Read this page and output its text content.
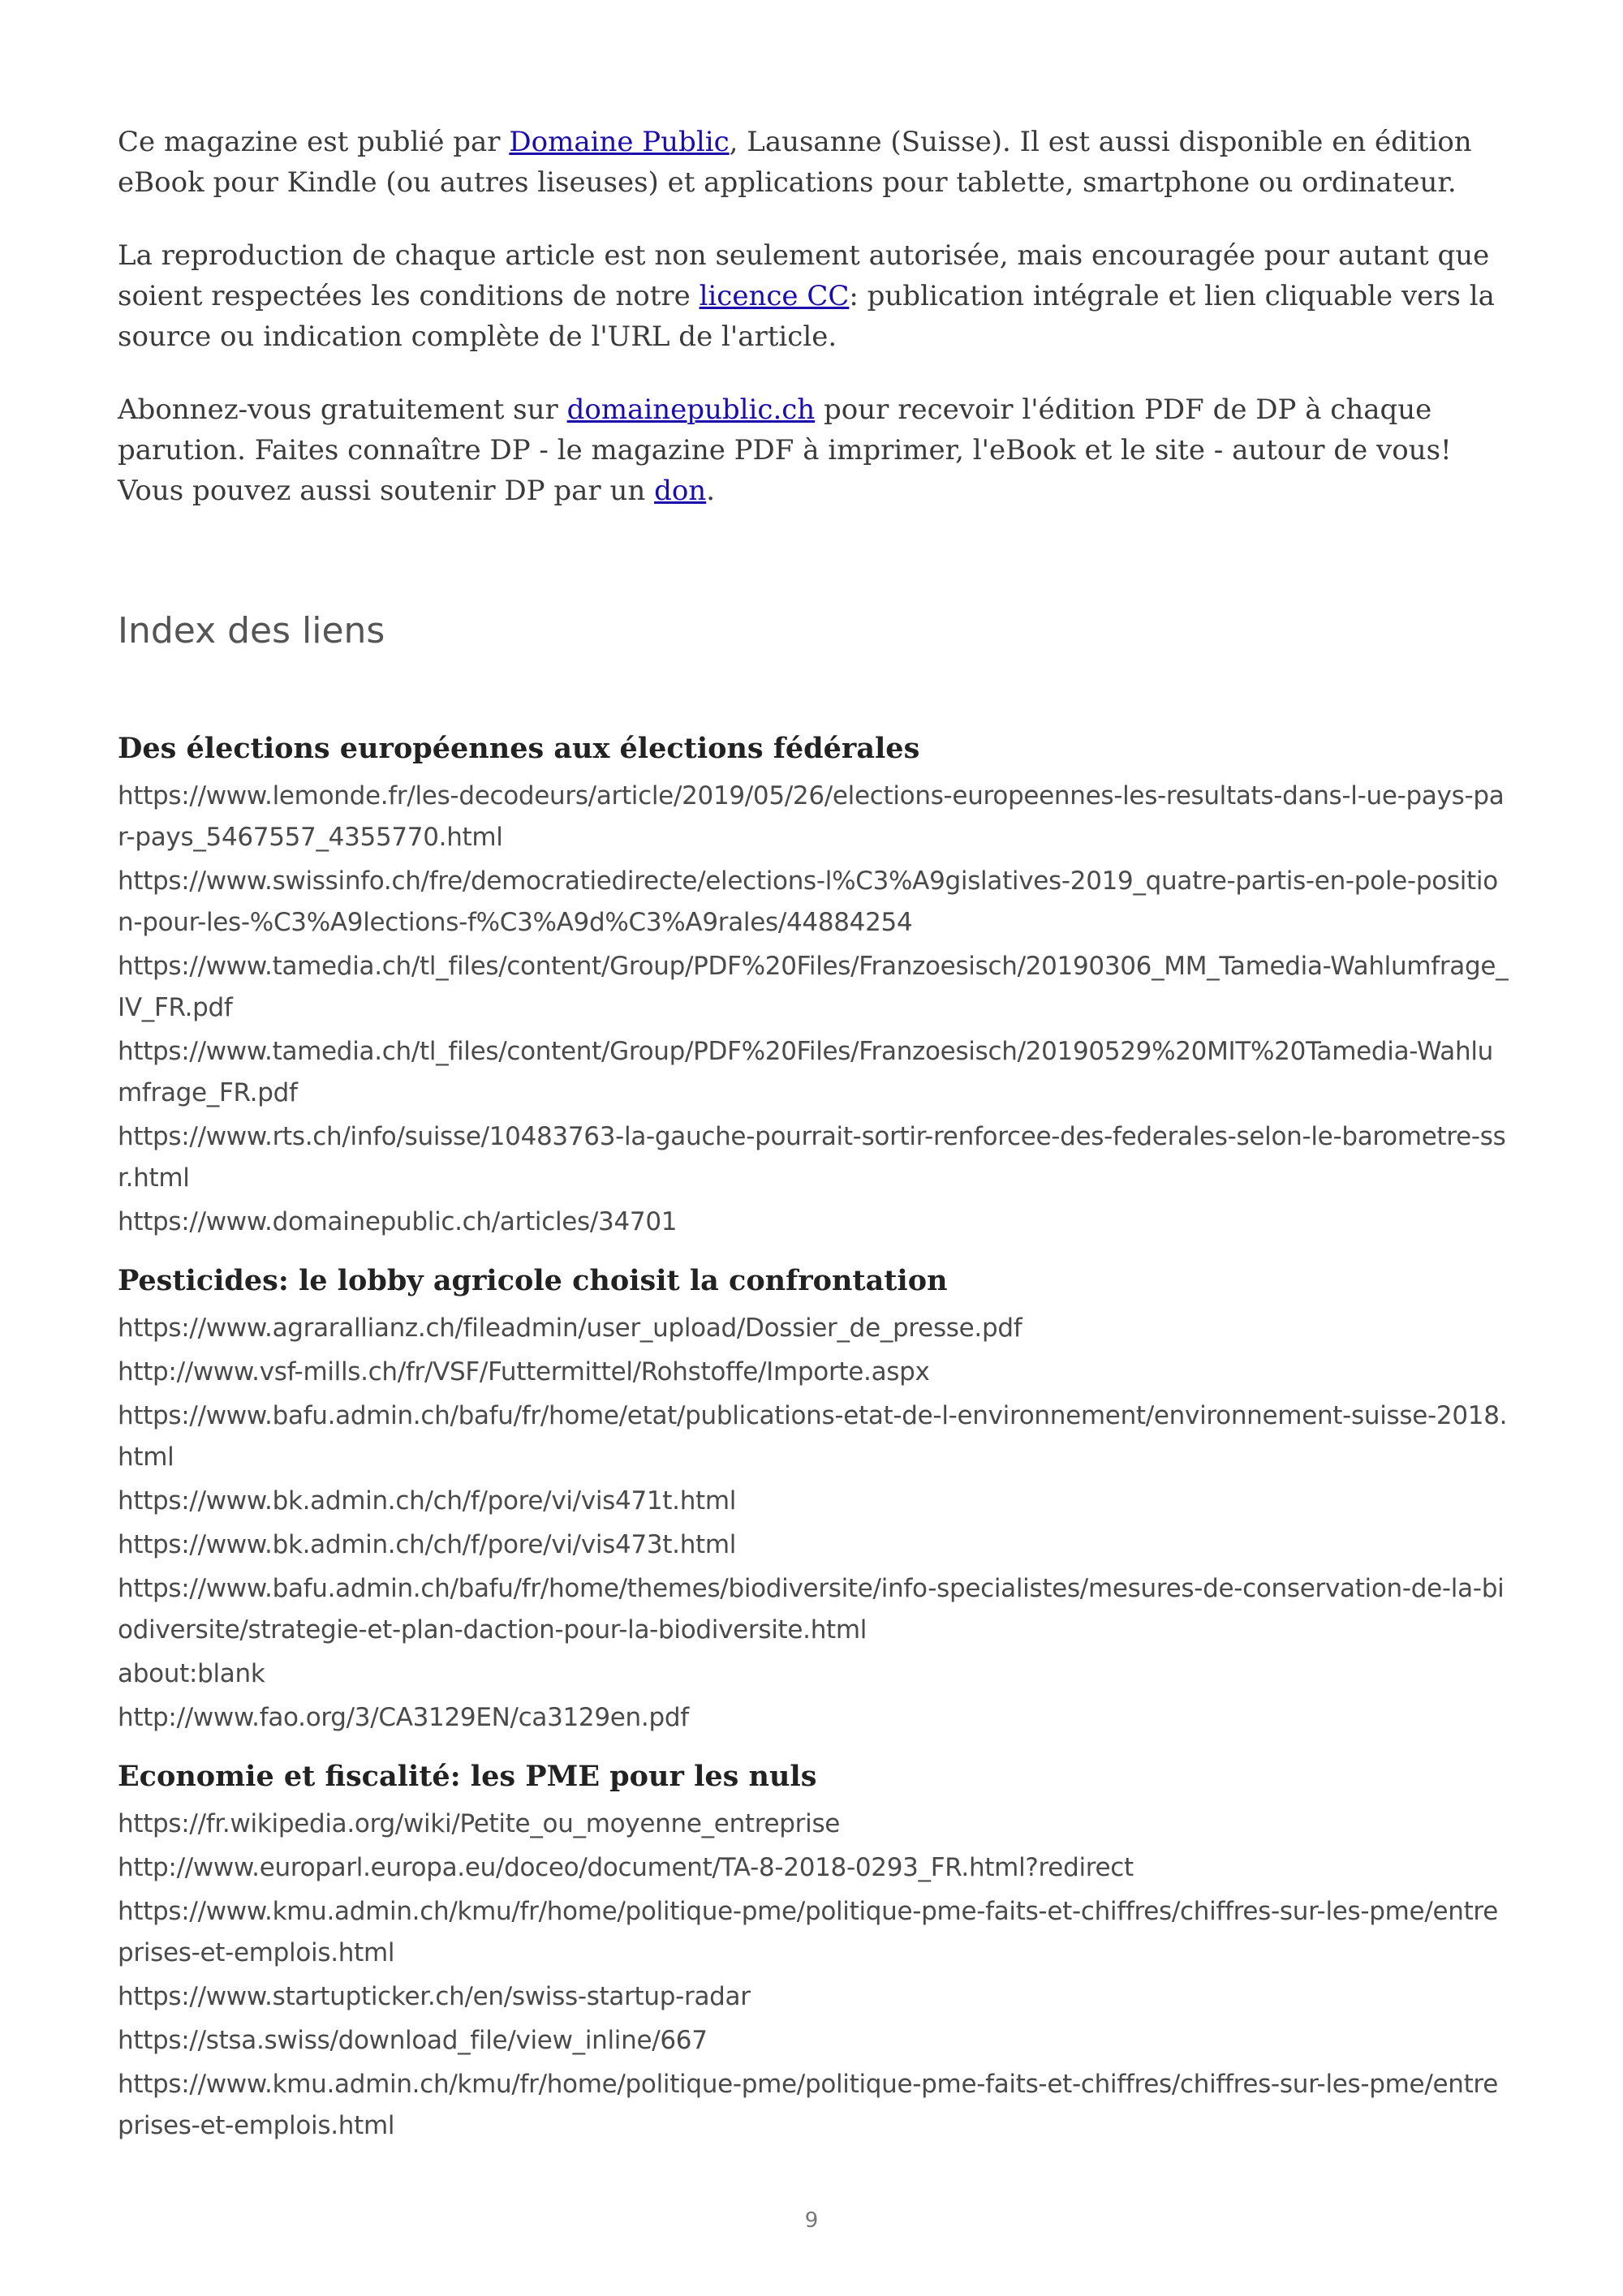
Ce magazine est publié par Domaine Public, Lausanne (Suisse). Il est aussi disponible en édition eBook pour Kindle (ou autres liseuses) et applications pour tablette, smartphone ou ordinateur.

La reproduction de chaque article est non seulement autorisée, mais encouragée pour autant que soient respectées les conditions de notre licence CC: publication intégrale et lien cliquable vers la source ou indication complète de l'URL de l'article.

Abonnez-vous gratuitement sur domainepublic.ch pour recevoir l'édition PDF de DP à chaque parution. Faites connaître DP - le magazine PDF à imprimer, l'eBook et le site - autour de vous! Vous pouvez aussi soutenir DP par un don.

Index des liens
Des élections européennes aux élections fédérales
https://www.lemonde.fr/les-decodeurs/article/2019/05/26/elections-europeennes-les-resultats-dans-l-ue-pays-par-pays_5467557_4355770.html
https://www.swissinfo.ch/fre/democratiedirecte/elections-l%C3%A9gislatives-2019_quatre-partis-en-pole-position-pour-les-%C3%A9lections-f%C3%A9d%C3%A9rales/44884254
https://www.tamedia.ch/tl_files/content/Group/PDF%20Files/Franzoesisch/20190306_MM_Tamedia-Wahlumfrage_IV_FR.pdf
https://www.tamedia.ch/tl_files/content/Group/PDF%20Files/Franzoesisch/20190529%20MIT%20Tamedia-Wahlumfrage_FR.pdf
https://www.rts.ch/info/suisse/10483763-la-gauche-pourrait-sortir-renforcee-des-federales-selon-le-barometre-ssr.html
https://www.domainepublic.ch/articles/34701
Pesticides: le lobby agricole choisit la confrontation
https://www.agrarallianz.ch/fileadmin/user_upload/Dossier_de_presse.pdf
http://www.vsf-mills.ch/fr/VSF/Futtermittel/Rohstoffe/Importe.aspx
https://www.bafu.admin.ch/bafu/fr/home/etat/publications-etat-de-l-environnement/environnement-suisse-2018.html
https://www.bk.admin.ch/ch/f/pore/vi/vis471t.html
https://www.bk.admin.ch/ch/f/pore/vi/vis473t.html
https://www.bafu.admin.ch/bafu/fr/home/themes/biodiversite/info-specialistes/mesures-de-conservation-de-la-biodiversite/strategie-et-plan-daction-pour-la-biodiversite.html
about:blank
http://www.fao.org/3/CA3129EN/ca3129en.pdf
Economie et fiscalité: les PME pour les nuls
https://fr.wikipedia.org/wiki/Petite_ou_moyenne_entreprise
http://www.europarl.europa.eu/doceo/document/TA-8-2018-0293_FR.html?redirect
https://www.kmu.admin.ch/kmu/fr/home/politique-pme/politique-pme-faits-et-chiffres/chiffres-sur-les-pme/entreprises-et-emplois.html
https://www.startupticker.ch/en/swiss-startup-radar
https://stsa.swiss/download_file/view_inline/667
https://www.kmu.admin.ch/kmu/fr/home/politique-pme/politique-pme-faits-et-chiffres/chiffres-sur-les-pme/entreprises-et-emplois.html
9
